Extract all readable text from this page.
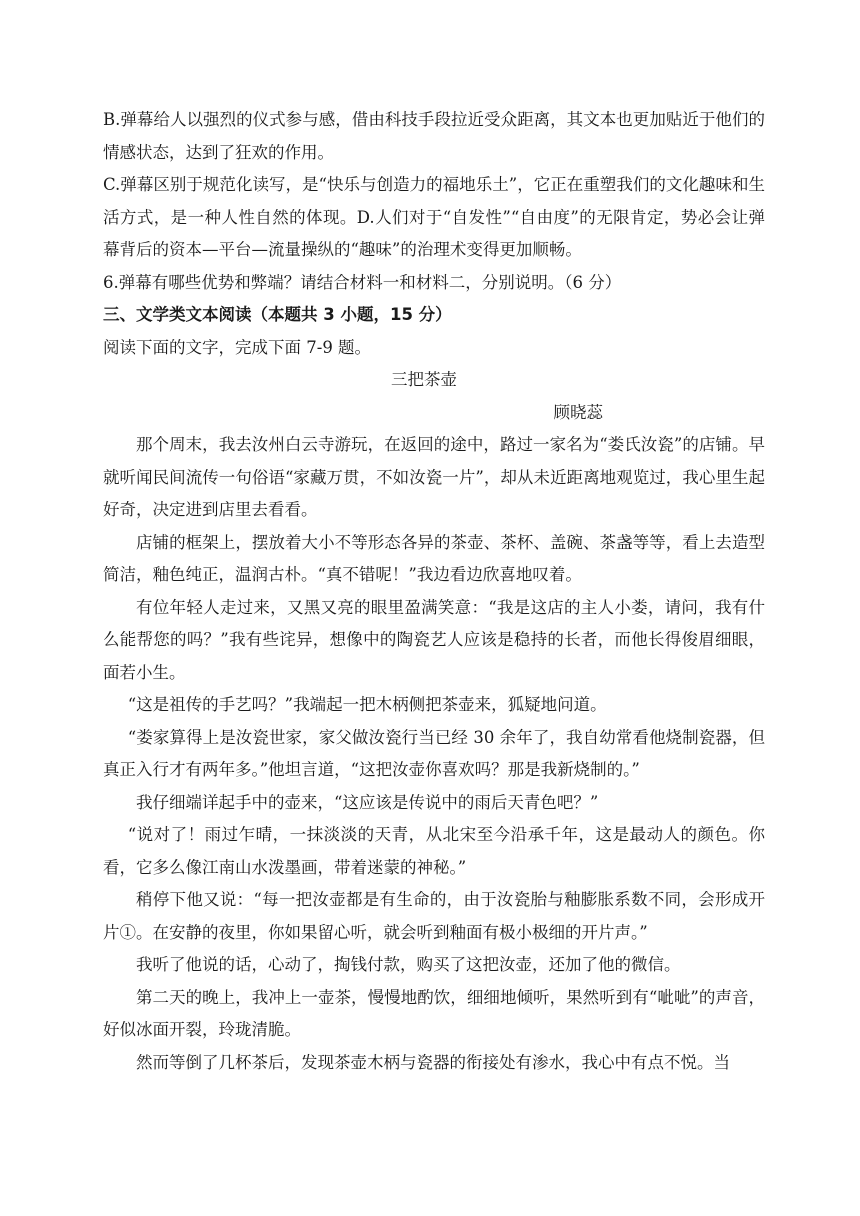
B.弹幕给人以强烈的仪式参与感，借由科技手段拉近受众距离，其文本也更加贴近于他们的情感状态，达到了狂欢的作用。

C.弹幕区别于规范化读写，是“快乐与创造力的福地乐土”，它正在重塑我们的文化趣味和生活方式，是一种人性自然的体现。D.人们对于“自发性”“自由度”的无限肯定，势必会让弹幕背后的资本—平台—流量操纵的“趣味”的治理术变得更加顺畅。

6.弹幕有哪些优势和弊端？请结合材料一和材料二，分别说明。（6 分）

三、文学类文本阅读（本题共 3 小题，15 分）

阅读下面的文字，完成下面 7-9 题。

三把茶壶

顾晓蕊

那个周末，我去汝州白云寺游玩，在返回的途中，路过一家名为“娄氏汝瓷”的店铺。早就听闻民间流传一句俗语“家藏万贯，不如汝瓷一片”，却从未近距离地观览过，我心里生起好奇，决定进到店里去看看。

店铺的框架上，摆放着大小不等形态各异的茶壶、茶杯、盖碗、茶盏等等，看上去造型简洁，釉色纯正，温润古朴。“真不错呢！”我边看边欣喜地叹着。

有位年轻人走过来，又黑又亮的眼里盈满笑意：“我是这店的主人小娄，请问，我有什么能帮您的吗？”我有些诧异，想像中的陶瓷艺人应该是稳持的长者，而他长得俊眉细眼，面若小生。

“这是祖传的手艺吗？”我端起一把木柄侧把茶壶来，狐疑地问道。

“娄家算得上是汝瓷世家，家父做汝瓷行当已经 30 余年了，我自幼常看他烧制瓷器，但真正入行才有两年多。”他坦言道，“这把汝壶你喜欢吗？那是我新烧制的。”

我仔细端详起手中的壶来，“这应该是传说中的雨后天青色吧？”

“说对了！雨过乍晴，一抹淡淡的天青，从北宋至今沿承千年，这是最动人的颜色。你看，它多么像江南山水泼墨画，带着迷蒙的神秘。”

稍停下他又说：“每一把汝壶都是有生命的，由于汝瓷胎与釉膨胀系数不同，会形成开片①。在安静的夜里，你如果留心听，就会听到釉面有极小极细的开片声。”

我听了他说的话，心动了，掏钱付款，购买了这把汝壶，还加了他的微信。

第二天的晚上，我冲上一壶茶，慢慢地酌饮，细细地倾听，果然听到有“呲呲”的声音，好似冰面开裂，玲珑清脆。

然而等倒了几杯茶后，发现茶壶木柄与瓷器的衔接处有渗水，我心中有点不悦。当
